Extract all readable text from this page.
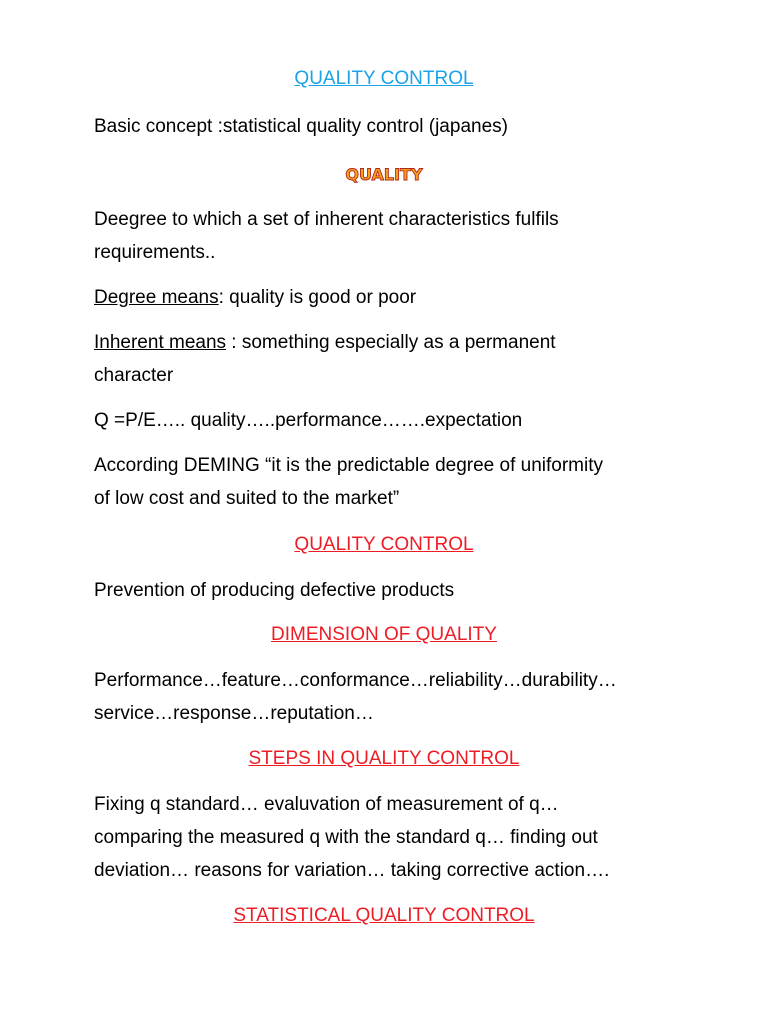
QUALITY CONTROL
Basic concept :statistical quality control (japanes)
QUALITY
Deegree to which a set of inherent characteristics fulfils
requirements..
Degree means: quality is good or poor
Inherent means : something especially as a permanent
character
Q =P/E….. quality…..performance…….expectation
According DEMING “it is the predictable degree of uniformity
of low cost and suited to the market”
QUALITY CONTROL
Prevention of producing defective products
DIMENSION OF QUALITY
Performance…feature…conformance…reliability…durability…
service…response…reputation…
STEPS IN QUALITY CONTROL
Fixing q standard… evaluvation of measurement of q…
comparing the measured q with the standard q… finding out
deviation… reasons for variation… taking corrective action….
STATISTICAL QUALITY CONTROL
